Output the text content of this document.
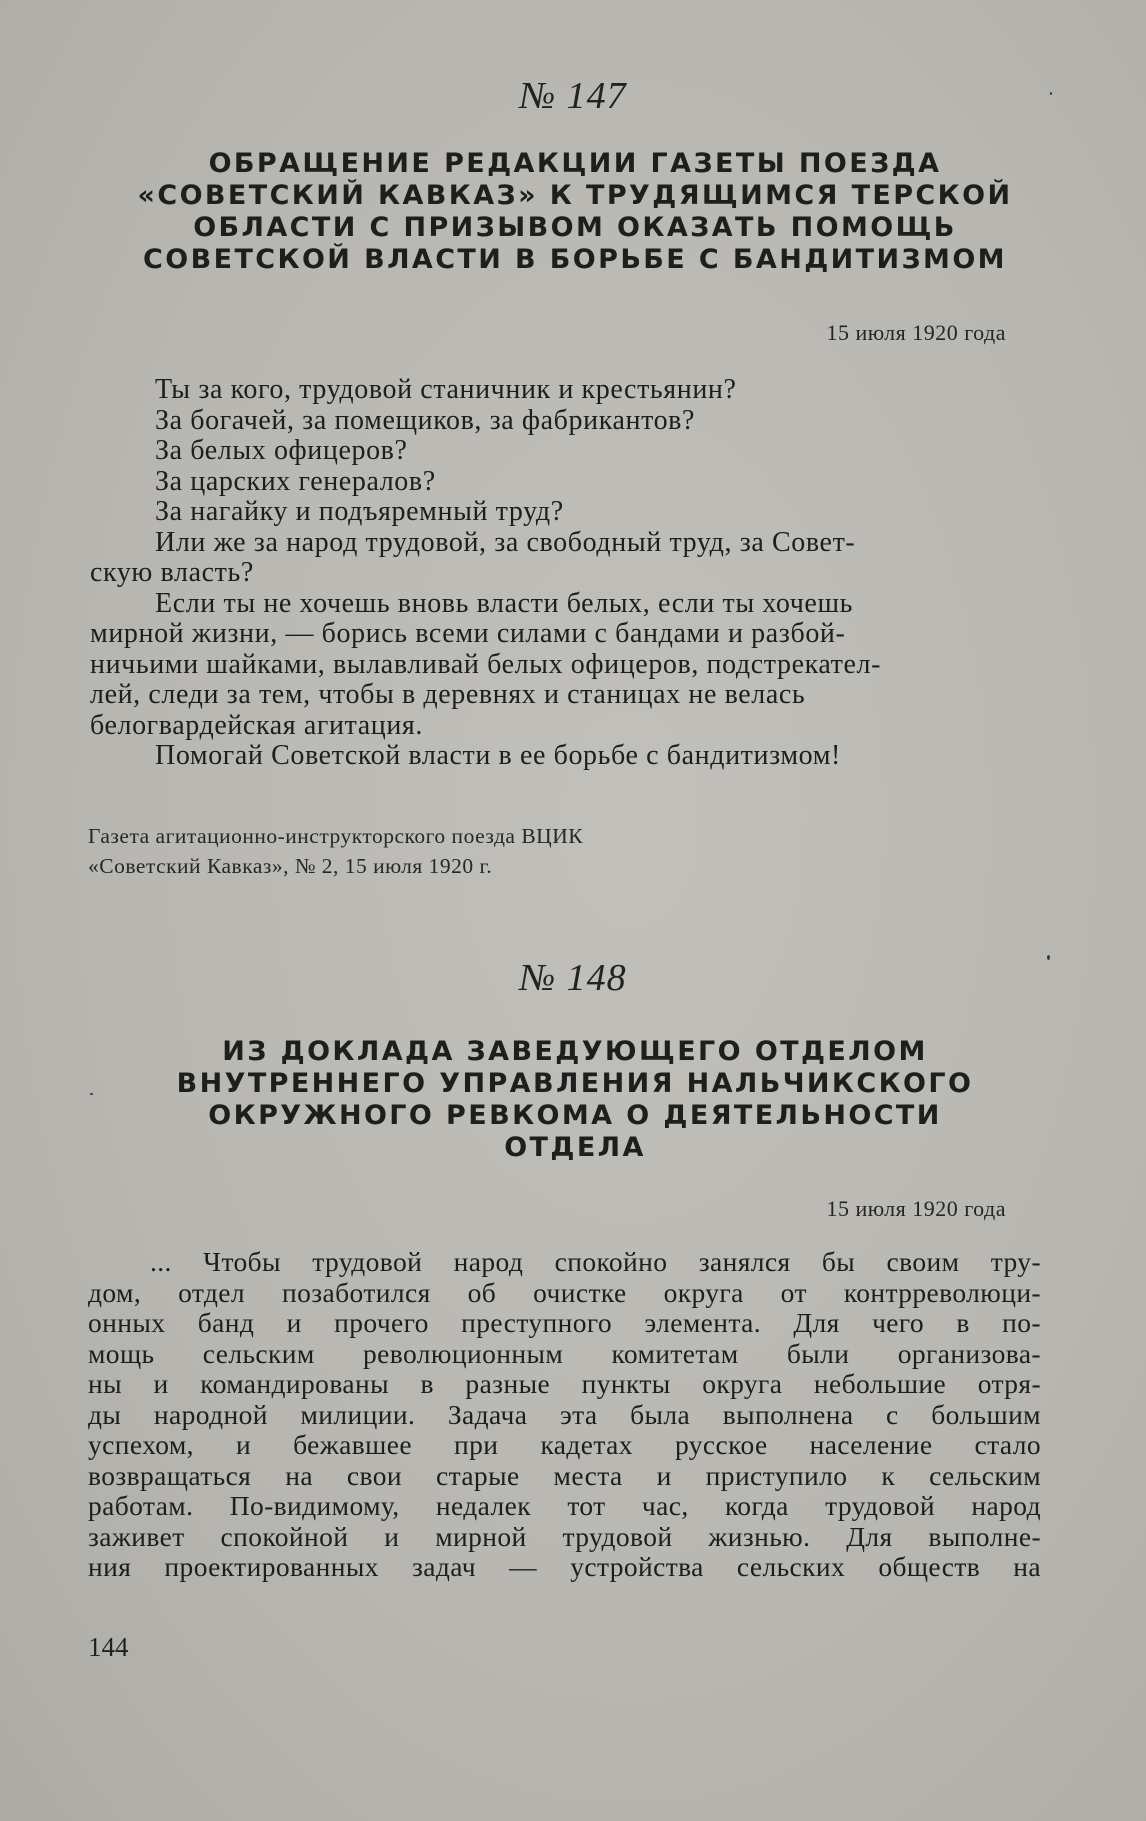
№ 147
ОБРАЩЕНИЕ РЕДАКЦИИ ГАЗЕТЫ ПОЕЗДА
«СОВЕТСКИЙ КАВКАЗ» К ТРУДЯЩИМСЯ ТЕРСКОЙ
ОБЛАСТИ С ПРИЗЫВОМ ОКАЗАТЬ ПОМОЩЬ
СОВЕТСКОЙ ВЛАСТИ В БОРЬБЕ С БАНДИТИЗМОМ
15 июля 1920 года
Ты за кого, трудовой станичник и крестьянин?
За богачей, за помещиков, за фабрикантов?
За белых офицеров?
За царских генералов?
За нагайку и подъяремный труд?
Или же за народ трудовой, за свободный труд, за Совет-
скую власть?
Если ты не хочешь вновь власти белых, если ты хочешь
мирной жизни, — борись всеми силами с бандами и разбой-
ничьими шайками, вылавливай белых офицеров, подстрекател-
лей, следи за тем, чтобы в деревнях и станицах не велась
белогвардейская агитация.
Помогай Советской власти в ее борьбе с бандитизмом!
Газета агитационно-инструкторского поезда ВЦИК
«Советский Кавказ», № 2, 15 июля 1920 г.
№ 148
ИЗ ДОКЛАДА ЗАВЕДУЮЩЕГО ОТДЕЛОМ
ВНУТРЕННЕГО УПРАВЛЕНИЯ НАЛЬЧИКСКОГО
ОКРУЖНОГО РЕВКОМА О ДЕЯТЕЛЬНОСТИ
ОТДЕЛА
15 июля 1920 года
... Чтобы трудовой народ спокойно занялся бы своим тру-
дом, отдел позаботился об очистке округа от контрреволюци-
онных банд и прочего преступного элемента. Для чего в по-
мощь сельским революционным комитетам были организова-
ны и командированы в разные пункты округа небольшие отря-
ды народной милиции. Задача эта была выполнена с большим
успехом, и бежавшее при кадетах русское население стало
возвращаться на свои старые места и приступило к сельским
работам. По-видимому, недалек тот час, когда трудовой народ
заживет спокойной и мирной трудовой жизнью. Для выполне-
ния проектированных задач — устройства сельских обществ на
144
